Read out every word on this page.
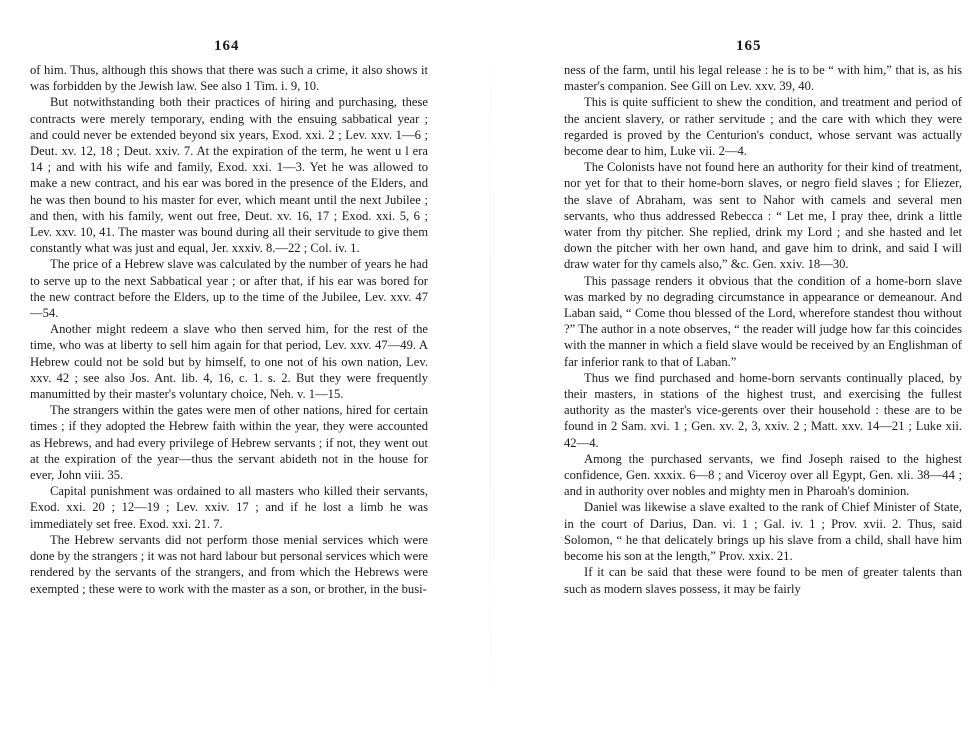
164

of him. Thus, although this shows that there was such a crime, it also shows it was forbidden by the Jewish law. See also 1 Tim. i. 9, 10.

But notwithstanding both their practices of hiring and purchasing, these contracts were merely temporary, ending with the ensuing sabbatical year ; and could never be extended beyond six years, Exod. xxi. 2 ; Lev. xxv. 1—6 ; Deut. xv. 12, 18 ; Deut. xxiv. 7. At the expiration of the term, he went u l era 14 ; and with his wife and family, Exod. xxi. 1—3. Yet he was allowed to make a new contract, and his ear was bored in the presence of the Elders, and he was then bound to his master for ever, which meant until the next Jubilee ; and then, with his family, went out free, Deut. xv. 16, 17 ; Exod. xxi. 5, 6 ; Lev. xxv. 10, 41. The master was bound during all their servitude to give them constantly what was just and equal, Jer. xxxiv. 8.—22 ; Col. iv. 1.

The price of a Hebrew slave was calculated by the number of years he had to serve up to the next Sabbatical year ; or after that, if his ear was bored for the new contract before the Elders, up to the time of the Jubilee, Lev. xxv. 47—54.

Another might redeem a slave who then served him, for the rest of the time, who was at liberty to sell him again for that period, Lev. xxv. 47—49. A Hebrew could not be sold but by himself, to one not of his own nation, Lev. xxv. 42 ; see also Jos. Ant. lib. 4, 16, c. 1. s. 2. But they were frequently manumitted by their master's voluntary choice, Neh. v. 1—15.

The strangers within the gates were men of other nations, hired for certain times ; if they adopted the Hebrew faith within the year, they were accounted as Hebrews, and had every privilege of Hebrew servants ; if not, they went out at the expiration of the year—thus the servant abideth not in the house for ever, John viii. 35.

Capital punishment was ordained to all masters who killed their servants, Exod. xxi. 20 ; 12—19 ; Lev. xxiv. 17 ; and if he lost a limb he was immediately set free. Exod. xxi. 21. 7.

The Hebrew servants did not perform those menial services which were done by the strangers ; it was not hard labour but personal services which were rendered by the servants of the strangers, and from which the Hebrews were exempted ; these were to work with the master as a son, or brother, in the busi-

165

ness of the farm, until his legal release : he is to be “ with him,” that is, as his master's companion. See Gill on Lev. xxv. 39, 40.

This is quite sufficient to shew the condition, and treatment and period of the ancient slavery, or rather servitude ; and the care with which they were regarded is proved by the Centurion's conduct, whose servant was actually become dear to him, Luke vii. 2—4.

The Colonists have not found here an authority for their kind of treatment, nor yet for that to their home-born slaves, or negro field slaves ; for Eliezer, the slave of Abraham, was sent to Nahor with camels and several men servants, who thus addressed Rebecca : “ Let me, I pray thee, drink a little water from thy pitcher. She replied, drink my Lord ; and she hasted and let down the pitcher with her own hand, and gave him to drink, and said I will draw water for thy camels also,” &c. Gen. xxiv. 18—30.

This passage renders it obvious that the condition of a home-born slave was marked by no degrading circumstance in appearance or demeanour. And Laban said, “ Come thou blessed of the Lord, wherefore standest thou without ?” The author in a note observes, “ the reader will judge how far this coincides with the manner in which a field slave would be received by an Englishman of far inferior rank to that of Laban.”

Thus we find purchased and home-born servants continually placed, by their masters, in stations of the highest trust, and exercising the fullest authority as the master's vice-gerents over their household : these are to be found in 2 Sam. xvi. 1 ; Gen. xv. 2, 3, xxiv. 2 ; Matt. xxv. 14—21 ; Luke xii. 42—4.

Among the purchased servants, we find Joseph raised to the highest confidence, Gen. xxxix. 6—8 ; and Viceroy over all Egypt, Gen. xli. 38—44 ; and in authority over nobles and mighty men in Pharoah's dominion.

Daniel was likewise a slave exalted to the rank of Chief Minister of State, in the court of Darius, Dan. vi. 1 ; Gal. iv. 1 ; Prov. xvii. 2. Thus, said Solomon, “ he that delicately brings up his slave from a child, shall have him become his son at the length,” Prov. xxix. 21.

If it can be said that these were found to be men of greater talents than such as modern slaves possess, it may be fairly
